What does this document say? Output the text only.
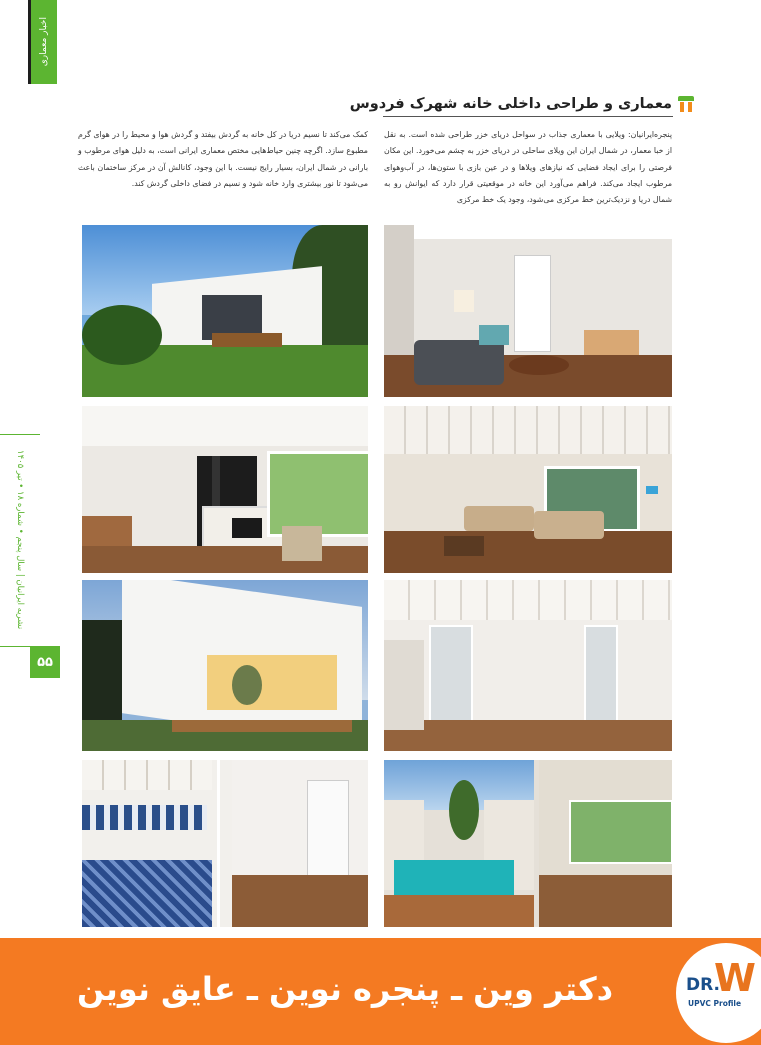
اخبار معماری
نشریه ایرانیان | سال پنجم • شماره ۱۸ • تیر ۱۴۰۵
۵۵
معماری و طراحی داخلی خانه شهرک فردوس
پنجره‌ایرانیان: ویلایی با معماری جذاب در سواحل دریای خزر طراحی شده است. به نقل از خبا معمار، در شمال ایران این ویلای ساحلی در دریای خزر به چشم می‌خورد. این مکان فرصتی را برای ایجاد فضایی که نیازهای ویلاها و در عین بازی با ستون‌ها، در آب‌وهوای مرطوب ایجاد می‌کند. فراهم می‌آورد این خانه در موقعیتی قرار دارد که ایوانش رو به شمال دریا و نزدیک‌ترین خط مرکزی می‌شود، وجود یک خط مرکزی
کمک می‌کند تا نسیم دریا در کل خانه به گردش بیفتد و گردش هوا و محیط را در هوای گرم مطبوع سازد. اگرچه چنین حیاط‌هایی مختص معماری ایرانی است، به دلیل هوای مرطوب و بارانی در شمال ایران، بسیار رایج نیست. با این وجود، کانالش آن در مرکز ساختمان باعث می‌شود تا نور بیشتری وارد خانه شود و نسیم در فضای داخلی گردش کند.
دکتر وین ـ پنجره نوین ـ عایق نوین	DR.
W
UPVC Profile
